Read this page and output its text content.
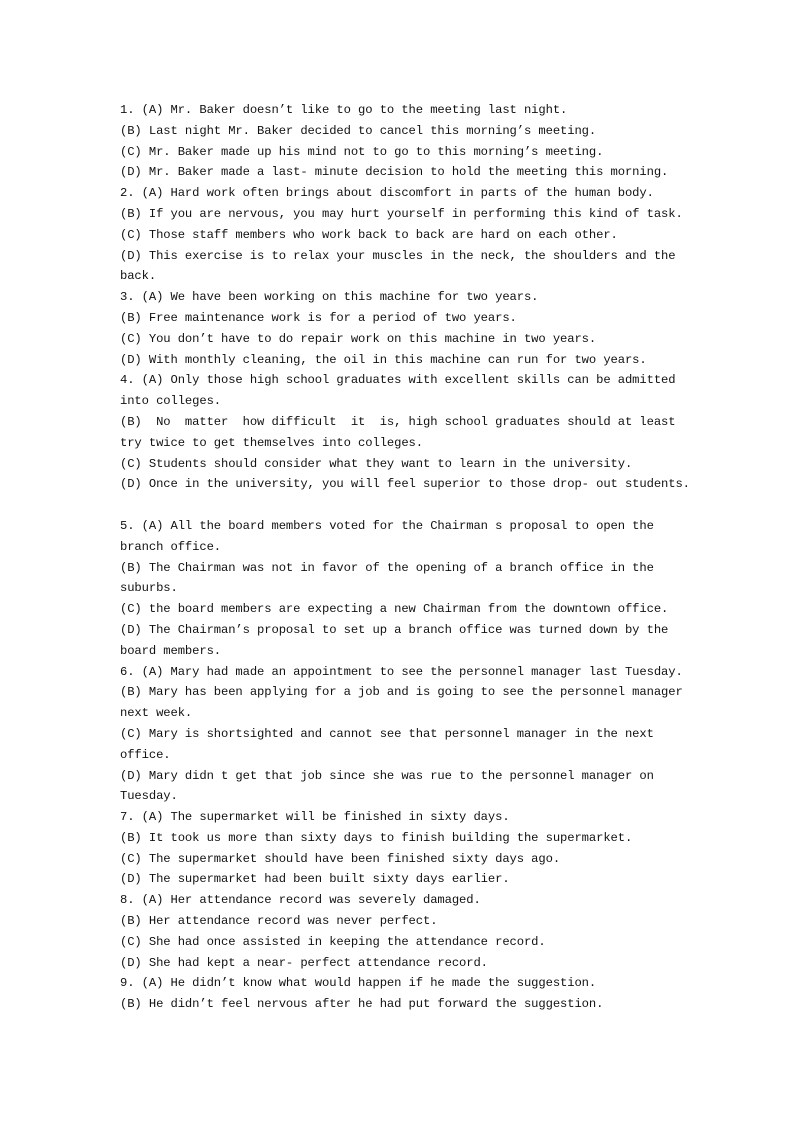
1. (A) Mr. Baker doesn’t like to go to the meeting last night.
(B) Last night Mr. Baker decided to cancel this morning’s meeting.
(C) Mr. Baker made up his mind not to go to this morning’s meeting.
(D) Mr. Baker made a last- minute decision to hold the meeting this morning.
2. (A) Hard work often brings about discomfort in parts of the human body.
(B) If you are nervous, you may hurt yourself in performing this kind of task.
(C) Those staff members who work back to back are hard on each other.
(D) This exercise is to relax your muscles in the neck, the shoulders and the
back.
3. (A) We have been working on this machine for two years.
(B) Free maintenance work is for a period of two years.
(C) You don’t have to do repair work on this machine in two years.
(D) With monthly cleaning, the oil in this machine can run for two years.
4. (A) Only those high school graduates with excellent skills can be admitted
into colleges.
(B)  No  matter  how difficult  it  is, high school graduates should at least
try twice to get themselves into colleges.
(C) Students should consider what they want to learn in the university.
(D) Once in the university, you will feel superior to those drop- out students.
5. (A) All the board members voted for the Chairman s proposal to open the
branch office.
(B) The Chairman was not in favor of the opening of a branch office in the
suburbs.
(C) the board members are expecting a new Chairman from the downtown office.
(D) The Chairman’s proposal to set up a branch office was turned down by the
board members.
6. (A) Mary had made an appointment to see the personnel manager last Tuesday.
(B) Mary has been applying for a job and is going to see the personnel manager
next week.
(C) Mary is shortsighted and cannot see that personnel manager in the next
office.
(D) Mary didn t get that job since she was rue to the personnel manager on
Tuesday.
7. (A) The supermarket will be finished in sixty days.
(B) It took us more than sixty days to finish building the supermarket.
(C) The supermarket should have been finished sixty days ago.
(D) The supermarket had been built sixty days earlier.
8. (A) Her attendance record was severely damaged.
(B) Her attendance record was never perfect.
(C) She had once assisted in keeping the attendance record.
(D) She had kept a near- perfect attendance record.
9. (A) He didn’t know what would happen if he made the suggestion.
(B) He didn’t feel nervous after he had put forward the suggestion.
